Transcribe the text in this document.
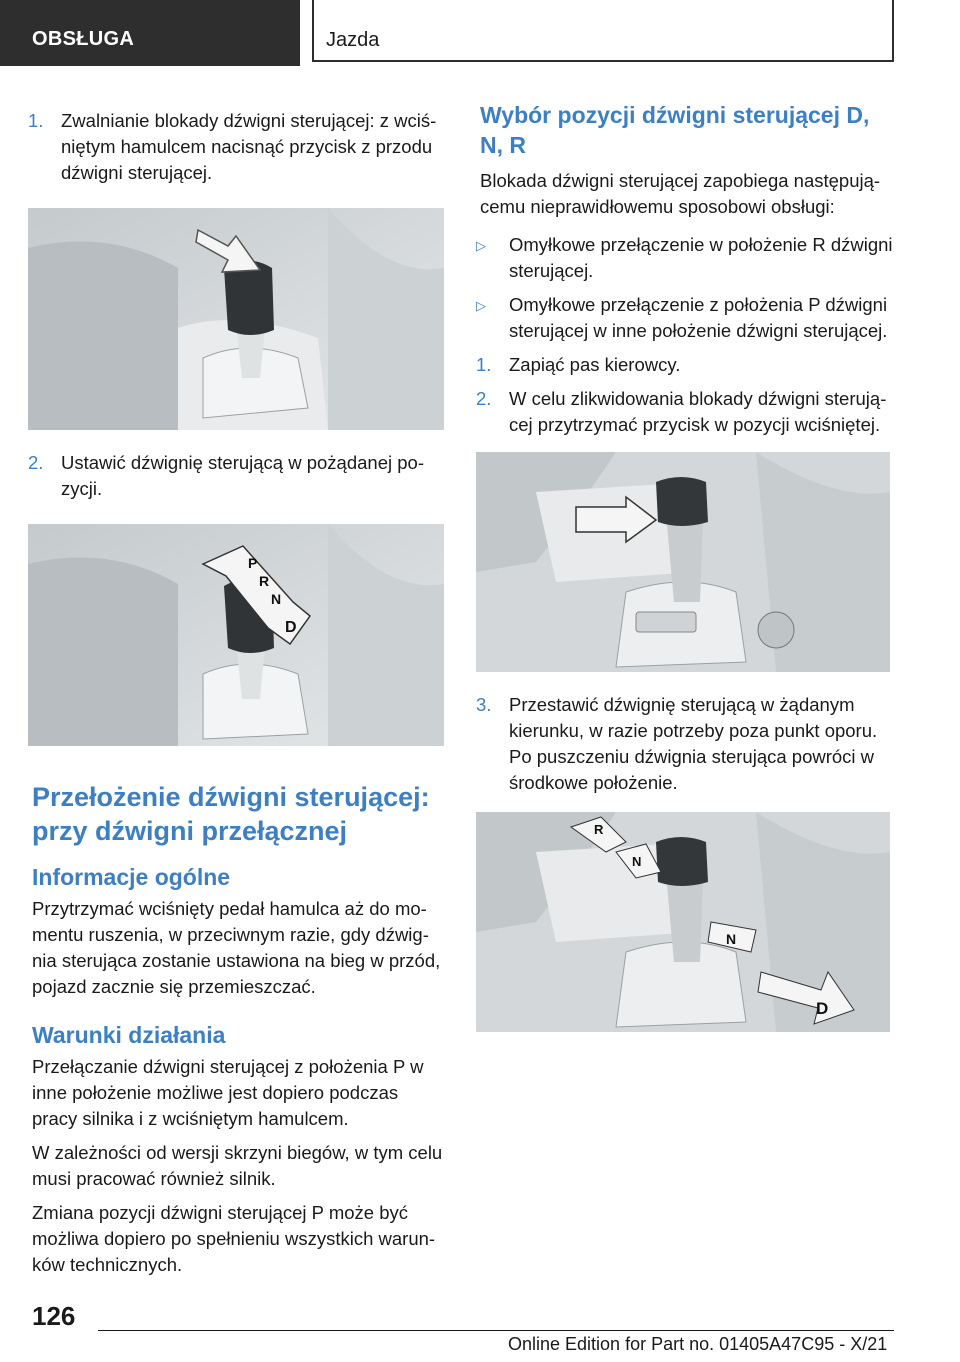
OBSŁUGA	Jazda
1. Zwalnianie blokady dźwigni sterującej: z wciśniętym hamulcem nacisnąć przycisk z przodu dźwigni sterującej.
2. Ustawić dźwignię sterującą w pożądanej pozycji.
P
R
N
D
Przełożenie dźwigni sterującej: przy dźwigni przełącznej
Informacje ogólne

Przytrzymać wciśnięty pedał hamulca aż do momentu ruszenia, w przeciwnym razie, gdy dźwignia sterująca zostanie ustawiona na bieg w przód, pojazd zacznie się przemieszczać.

Warunki działania

Przełączanie dźwigni sterującej z położenia P w inne położenie możliwe jest dopiero podczas pracy silnika i z wciśniętym hamulcem.

W zależności od wersji skrzyni biegów, w tym celu musi pracować również silnik.

Zmiana pozycji dźwigni sterującej P może być możliwa dopiero po spełnieniu wszystkich warunków technicznych.

Wybór pozycji dźwigni sterującej D, N, R

Blokada dźwigni sterującej zapobiega następującemu nieprawidłowemu sposobowi obsługi:

▷	Omyłkowe przełączenie w położenie R dźwigni sterującej.
▷	Omyłkowe przełączenie z położenia P dźwigni sterującej w inne położenie dźwigni sterującej.
1. Zapiąć pas kierowcy.
2. W celu zlikwidowania blokady dźwigni sterującej przytrzymać przycisk w pozycji wciśniętej.
3. Przestawić dźwignię sterującą w żądanym kierunku, w razie potrzeby poza punkt oporu. Po puszczeniu dźwignia sterująca powróci w środkowe położenie.
R
N
N
D
126
Online Edition for Part no. 01405A47C95 - X/21
